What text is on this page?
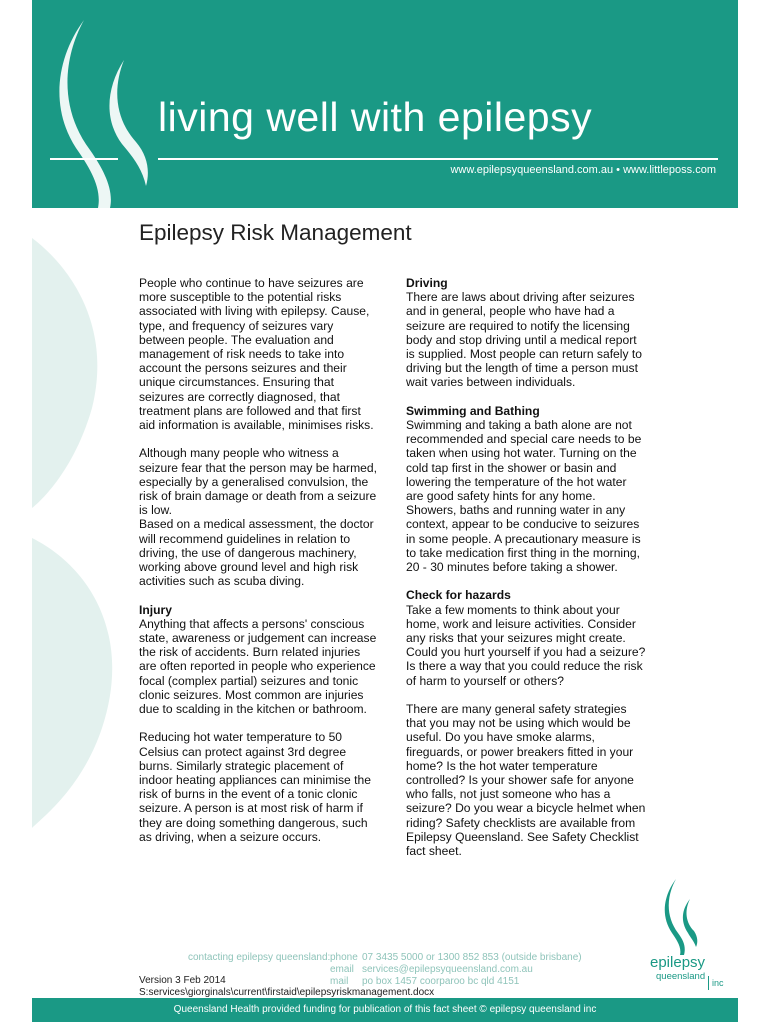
living well with epilepsy
www.epilepsyqueensland.com.au • www.littleposs.com
Epilepsy Risk Management

People who continue to have seizures are more susceptible to the potential risks associated with living with epilepsy. Cause, type, and frequency of seizures vary between people. The evaluation and management of risk needs to take into account the persons seizures and their unique circumstances. Ensuring that seizures are correctly diagnosed, that treatment plans are followed and that first aid information is available, minimises risks.

Although many people who witness a seizure fear that the person may be harmed, especially by a generalised convulsion, the risk of brain damage or death from a seizure is low.

Based on a medical assessment, the doctor will recommend guidelines in relation to driving, the use of dangerous machinery, working above ground level and high risk activities such as scuba diving.

Injury

Anything that affects a persons' conscious state, awareness or judgement can increase the risk of accidents. Burn related injuries are often reported in people who experience focal (complex partial) seizures and tonic clonic seizures. Most common are injuries due to scalding in the kitchen or bathroom.

Reducing hot water temperature to 50 Celsius can protect against 3rd degree burns. Similarly strategic placement of indoor heating appliances can minimise the risk of burns in the event of a tonic clonic seizure. A person is at most risk of harm if they are doing something dangerous, such as driving, when a seizure occurs.

Driving

There are laws about driving after seizures and in general, people who have had a seizure are required to notify the licensing body and stop driving until a medical report is supplied. Most people can return safely to driving but the length of time a person must wait varies between individuals.

Swimming and Bathing

Swimming and taking a bath alone are not recommended and special care needs to be taken when using hot water. Turning on the cold tap first in the shower or basin and lowering the temperature of the hot water are good safety hints for any home. Showers, baths and running water in any context, appear to be conducive to seizures in some people. A precautionary measure is to take medication first thing in the morning, 20 - 30 minutes before taking a shower.

Check for hazards

Take a few moments to think about your home, work and leisure activities. Consider any risks that your seizures might create. Could you hurt yourself if you had a seizure? Is there a way that you could reduce the risk of harm to yourself or others?

There are many general safety strategies that you may not be using which would be useful. Do you have smoke alarms, fireguards, or power breakers fitted in your home? Is the hot water temperature controlled? Is your shower safe for anyone who falls, not just someone who has a seizure? Do you wear a bicycle helmet when riding? Safety checklists are available from Epilepsy Queensland. See Safety Checklist fact sheet.

contacting epilepsy queensland: phone
email
mail
07 3435 5000 or 1300 852 853 (outside brisbane)
services@epilepsyqueensland.com.au
po box 1457 coorparoo bc qld 4151
Version 3 Feb 2014
S:services\giorginals\current\firstaid\epilepsyriskmanagement.docx
epilepsy
queensland
inc
Queensland Health provided funding for publication of this fact sheet © epilepsy queensland inc
